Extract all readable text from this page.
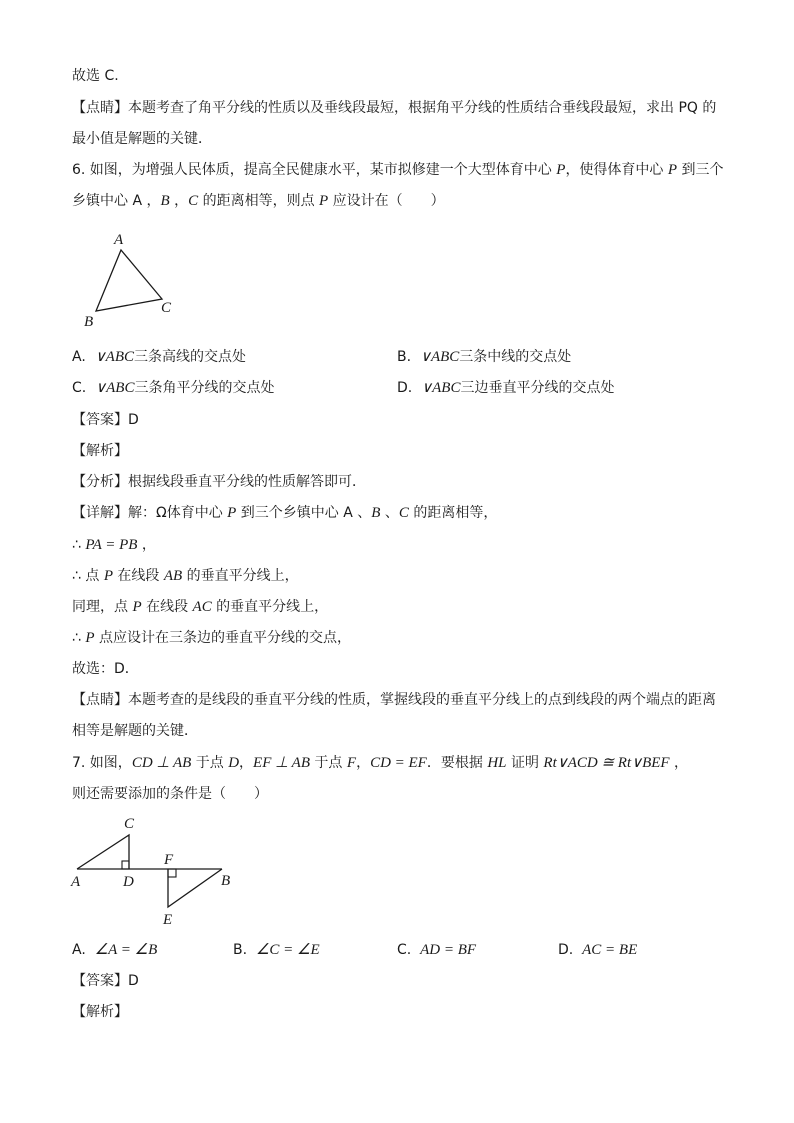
故选 C.
【点睛】本题考查了角平分线的性质以及垂线段最短，根据角平分线的性质结合垂线段最短，求出 PQ 的
最小值是解题的关键．
6. 如图，为增强人民体质，提高全民健康水平，某市拟修建一个大型体育中心 P，使得体育中心 P 到三个
乡镇中心 A ，B ，C 的距离相等，则点 P 应设计在（　　）
A
B
C
A. ∨ABC三条高线的交点处	B. ∨ABC三条中线的交点处
C. ∨ABC三条角平分线的交点处	D. ∨ABC三边垂直平分线的交点处
【答案】D
【解析】
【分析】根据线段垂直平分线的性质解答即可．
【详解】解：Ω体育中心 P 到三个乡镇中心 A 、B 、C 的距离相等，
∴ PA = PB ，
∴ 点 P 在线段 AB 的垂直平分线上，
同理，点 P 在线段 AC 的垂直平分线上，
∴ P 点应设计在三条边的垂直平分线的交点，
故选：D．
【点睛】本题考查的是线段的垂直平分线的性质，掌握线段的垂直平分线上的点到线段的两个端点的距离
相等是解题的关键．
7. 如图，CD ⊥ AB 于点 D，EF ⊥ AB 于点 F，CD = EF．要根据 HL 证明 Rt∨ACD ≅ Rt∨BEF ，
则还需要添加的条件是（　　）
C
A	D
F
B
E
A. ∠A = ∠B	B. ∠C = ∠E	C. AD = BF	D. AC = BE
【答案】D
【解析】
